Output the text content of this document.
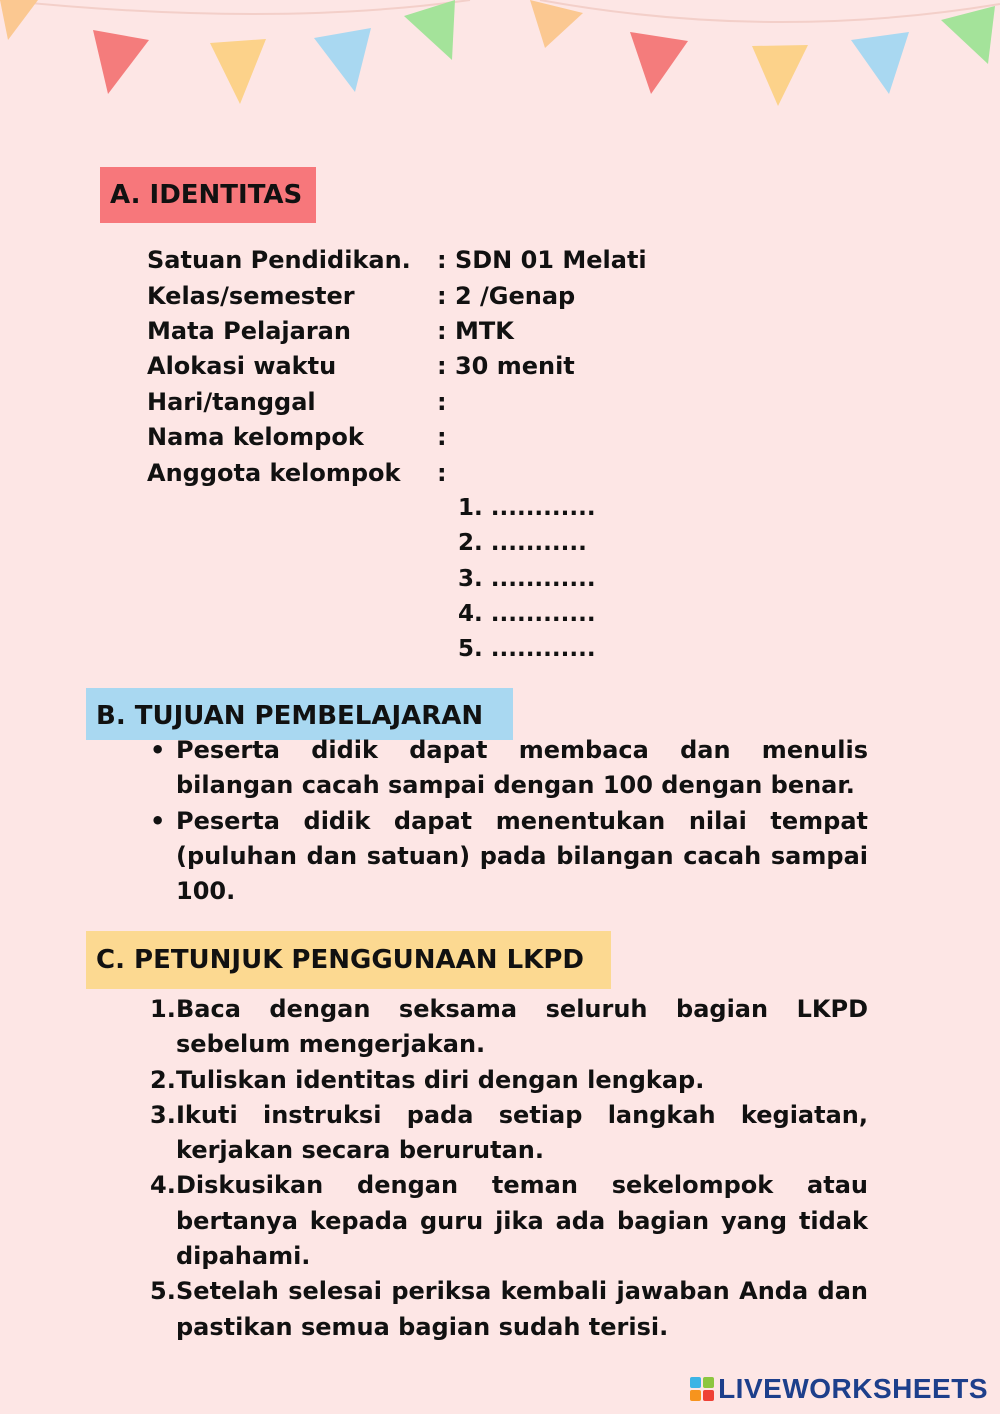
A. IDENTITAS
Satuan Pendidikan. : SDN 01 Melati
Kelas/semester	: 2 /Genap
Mata Pelajaran	: MTK
Alokasi waktu	: 30 menit
Hari/tanggal	:
Nama kelompok	:
Anggota kelompok :
1. ............
2. ...........
3. ............
4. ............
5. ............
B. TUJUAN PEMBELAJARAN

• Peserta didik dapat membaca dan menulis bilangan cacah sampai dengan 100 dengan benar.

• Peserta didik dapat menentukan nilai tempat (puluhan dan satuan) pada bilangan cacah sampai 100.

C. PETUNJUK PENGGUNAAN LKPD

1. Baca dengan seksama seluruh bagian LKPD sebelum mengerjakan.

2. Tuliskan identitas diri dengan lengkap.

3. Ikuti instruksi pada setiap langkah kegiatan, kerjakan secara berurutan.

4. Diskusikan dengan teman sekelompok atau bertanya kepada guru jika ada bagian yang tidak dipahami.

5. Setelah selesai periksa kembali jawaban Anda dan pastikan semua bagian sudah terisi.

LIVEWORKSHEETS
